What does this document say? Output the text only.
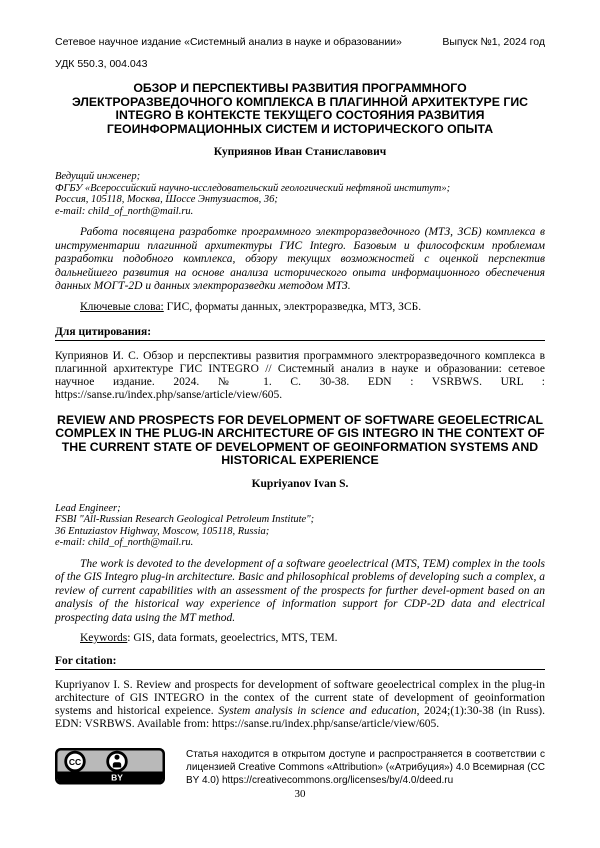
Сетевое научное издание «Системный анализ в науке и образовании»	Выпуск №1, 2024 год
УДК 550.3, 004.043
ОБЗОР И ПЕРСПЕКТИВЫ РАЗВИТИЯ ПРОГРАММНОГО
ЭЛЕКТРОРАЗВЕДОЧНОГО КОМПЛЕКСА В ПЛАГИННОЙ АРХИТЕКТУРЕ ГИС
INTEGRO В КОНТЕКСТЕ ТЕКУЩЕГО СОСТОЯНИЯ РАЗВИТИЯ
ГЕОИНФОРМАЦИОННЫХ СИСТЕМ И ИСТОРИЧЕСКОГО ОПЫТА
Куприянов Иван Станиславович
Ведущий инженер;
ФГБУ «Всероссийский научно-исследовательский геологический нефтяной институт»;
Россия, 105118, Москва, Шоссе Энтузиастов, 36;
e-mail: child_of_north@mail.ru.
Работа посвящена разработке программного электроразведочного (МТЗ, ЗСБ) комплекса в инструментарии плагинной архитектуры ГИС Integro. Базовым и философским проблемам разработки подобного комплекса, обзору текущих возможностей с оценкой перспектив дальнейшего развития на основе анализа исторического опыта информационного обеспечения данных МОГТ-2D и данных электроразведки методом МТЗ.
Ключевые слова: ГИС, форматы данных, электроразведка, МТЗ, ЗСБ.
Для цитирования:
Куприянов И. С. Обзор и перспективы развития программного электроразведочного комплекса в плагинной архитектуре ГИС INTEGRO // Системный анализ в науке и образовании: сетевое научное издание. 2024. № 1. С. 30-38. EDN : VSRBWS. URL : https://sanse.ru/index.php/sanse/article/view/605.
REVIEW AND PROSPECTS FOR DEVELOPMENT OF SOFTWARE GEOELECTRICAL
COMPLEX IN THE PLUG-IN ARCHITECTURE OF GIS INTEGRO IN THE CONTEXT OF
THE CURRENT STATE OF DEVELOPMENT OF GEOINFORMATION SYSTEMS AND
HISTORICAL EXPERIENCE
Kupriyanov Ivan S.
Lead Engineer;
FSBI "All-Russian Research Geological Petroleum Institute";
36 Entuziastov Highway, Moscow, 105118, Russia;
e-mail: child_of_north@mail.ru.
The work is devoted to the development of a software geoelectrical (MTS, TEM) complex in the tools of the GIS Integro plug-in architecture. Basic and philosophical problems of developing such a complex, a review of current capabilities with an assessment of the prospects for further devel-opment based on an analysis of the historical way experience of information support for CDP-2D data and electrical prospecting data using the MT method.
Keywords: GIS, data formats, geoelectrics, MTS, TEM.
For citation:
Kupriyanov I. S. Review and prospects for development of software geoelectrical complex in the plug-in architecture of GIS INTEGRO in the contex of the current state of development of geoinformation systems and historical expeience. System analysis in science and education, 2024;(1):30-38 (in Russ). EDN: VSRBWS. Available from: https://sanse.ru/index.php/sanse/article/view/605.
CC
BY
Статья находится в открытом доступе и распространяется в соответствии с лицензией Creative Commons «Attribution» («Атрибуция») 4.0 Всемирная (CC BY 4.0) https://creativecommons.org/licenses/by/4.0/deed.ru
30
